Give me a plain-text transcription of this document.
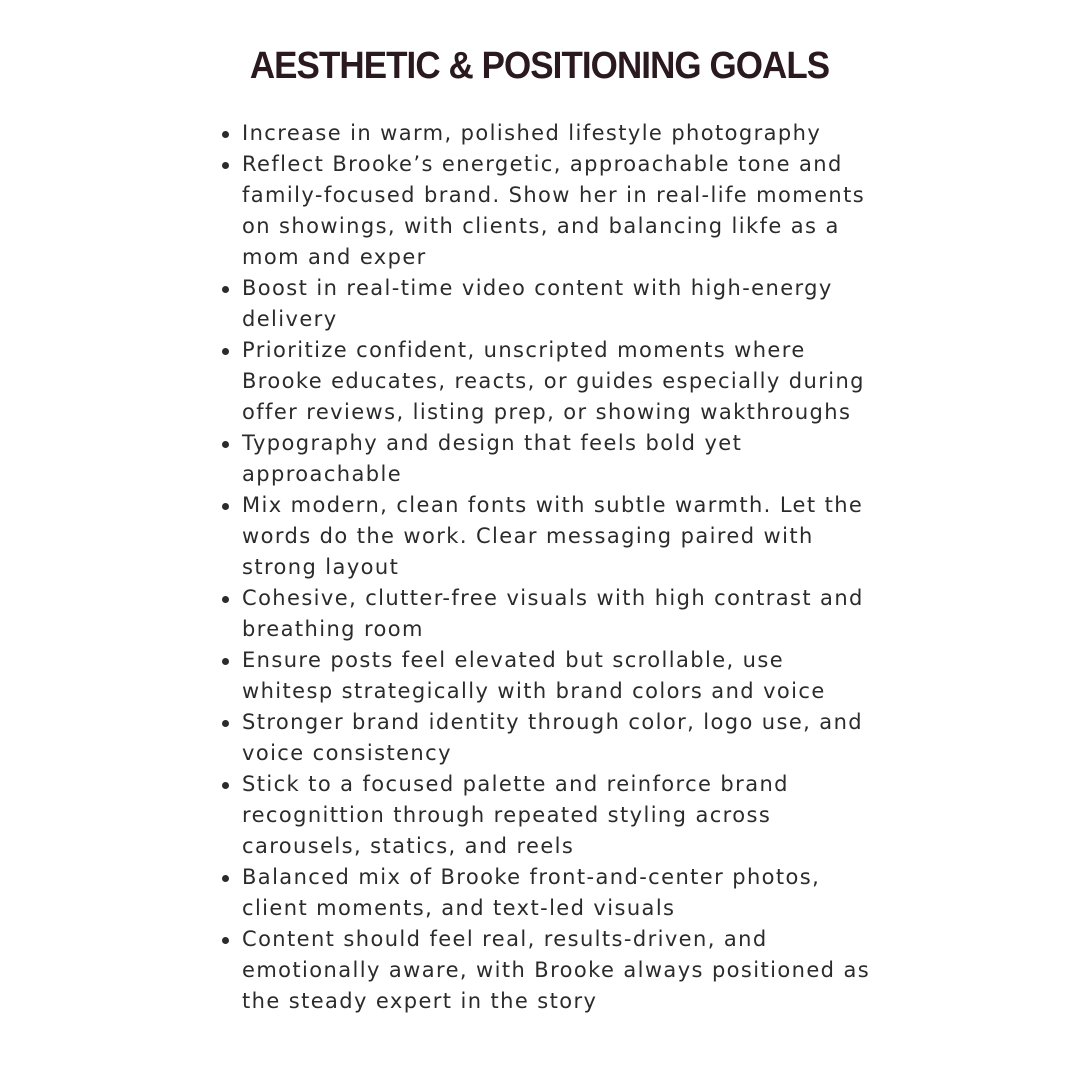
AESTHETIC & POSITIONING GOALS
Increase in warm, polished lifestyle photography
Reflect Brooke’s energetic, approachable tone and family-focused brand. Show her in real-life moments on showings, with clients, and balancing likfe as a mom and exper
Boost in real-time video content with high-energy delivery
Prioritize confident, unscripted moments where Brooke educates, reacts, or guides especially during offer reviews, listing prep, or showing wakthroughs
Typography and design that feels bold yet approachable
Mix modern, clean fonts with subtle warmth. Let the words do the work. Clear messaging paired with strong layout
Cohesive, clutter-free visuals with high contrast and breathing room
Ensure posts feel elevated but scrollable, use whitesp strategically with brand colors and voice
Stronger brand identity through color, logo use, and voice consistency
Stick to a focused palette and reinforce brand recognittion through repeated styling across carousels, statics, and reels
Balanced mix of Brooke front-and-center photos, client moments, and text-led visuals
Content should feel real, results-driven, and emotionally aware, with Brooke always positioned as the steady expert in the story
